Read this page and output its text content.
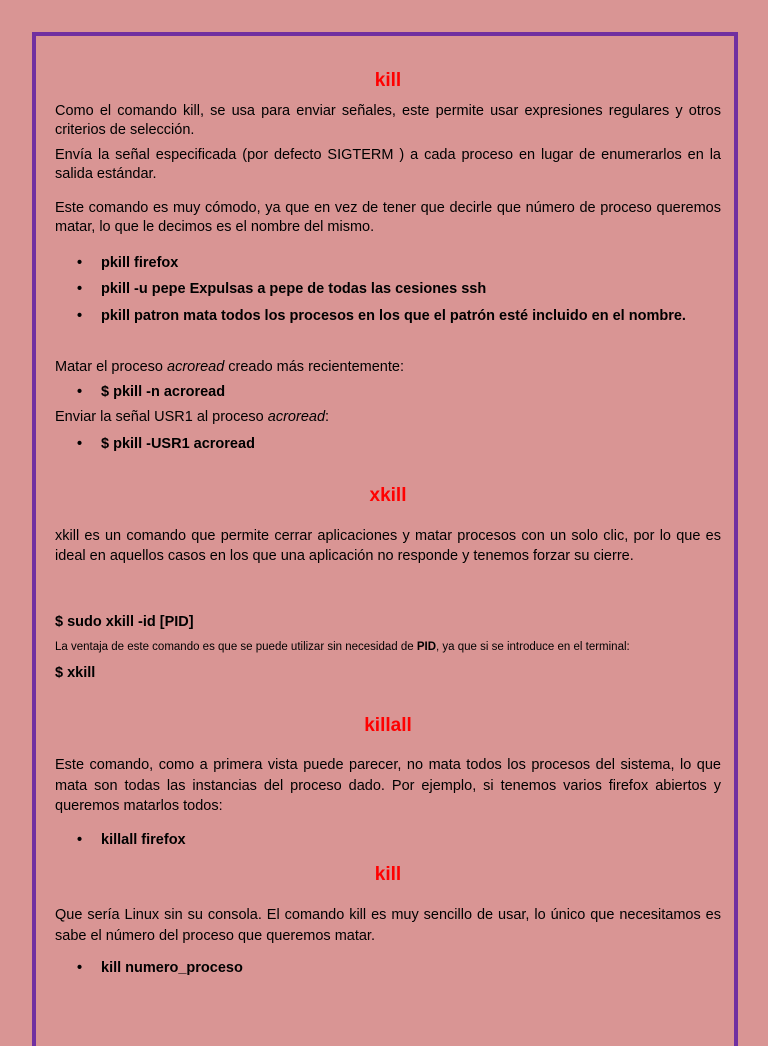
kill
Como el comando kill, se usa para enviar señales, este permite usar expresiones regulares y otros criterios de selección.
Envía la señal especificada (por defecto SIGTERM ) a cada proceso en lugar de enumerarlos en la salida estándar.
Este comando es muy cómodo, ya que en vez de tener que decirle que número de proceso queremos matar, lo que le decimos es el nombre del mismo.
• pkill firefox
• pkill -u pepe Expulsas a pepe de todas las cesiones ssh
• pkill patron mata todos los procesos en los que el patrón esté incluido en el nombre.
Matar el proceso acroread creado más recientemente:
• $ pkill -n acroread
Enviar la señal USR1 al proceso acroread:
• $ pkill -USR1 acroread
xkill
xkill es un comando que permite cerrar aplicaciones y matar procesos con un solo clic, por lo que es ideal en aquellos casos en los que una aplicación no responde y tenemos forzar su cierre.
$ sudo xkill -id [PID]
La ventaja de este comando es que se puede utilizar sin necesidad de PID, ya que si se introduce en el terminal:
$ xkill
killall
Este comando, como a primera vista puede parecer, no mata todos los procesos del sistema, lo que mata son todas las instancias del proceso dado. Por ejemplo, si tenemos varios firefox abiertos y queremos matarlos todos:
• killall firefox
kill
Que sería Linux sin su consola. El comando kill es muy sencillo de usar, lo único que necesitamos es sabe el número del proceso que queremos matar.
• kill numero_proceso
